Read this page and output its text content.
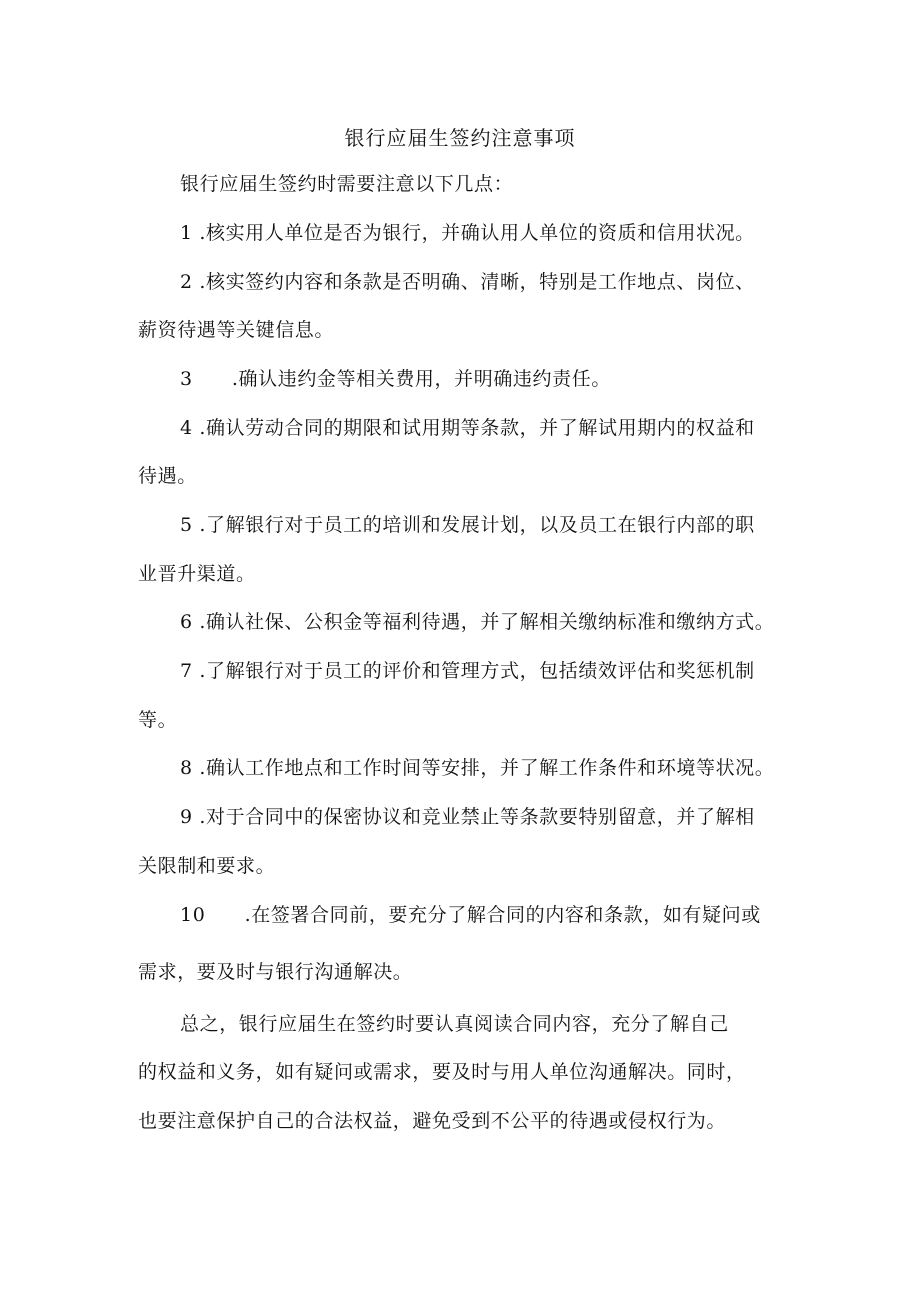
银行应届生签约注意事项
银行应届生签约时需要注意以下几点：
1 .核实用人单位是否为银行，并确认用人单位的资质和信用状况。
2 .核实签约内容和条款是否明确、清晰，特别是工作地点、岗位、
薪资待遇等关键信息。
3　　.确认违约金等相关费用，并明确违约责任。
4 .确认劳动合同的期限和试用期等条款，并了解试用期内的权益和
待遇。
5 .了解银行对于员工的培训和发展计划，以及员工在银行内部的职
业晋升渠道。
6 .确认社保、公积金等福利待遇，并了解相关缴纳标准和缴纳方式。
7 .了解银行对于员工的评价和管理方式，包括绩效评估和奖惩机制
等。
8 .确认工作地点和工作时间等安排，并了解工作条件和环境等状况。
9 .对于合同中的保密协议和竞业禁止等条款要特别留意，并了解相
关限制和要求。
10　　.在签署合同前，要充分了解合同的内容和条款，如有疑问或
需求，要及时与银行沟通解决。
总之，银行应届生在签约时要认真阅读合同内容，充分了解自己
的权益和义务，如有疑问或需求，要及时与用人单位沟通解决。同时，
也要注意保护自己的合法权益，避免受到不公平的待遇或侵权行为。
